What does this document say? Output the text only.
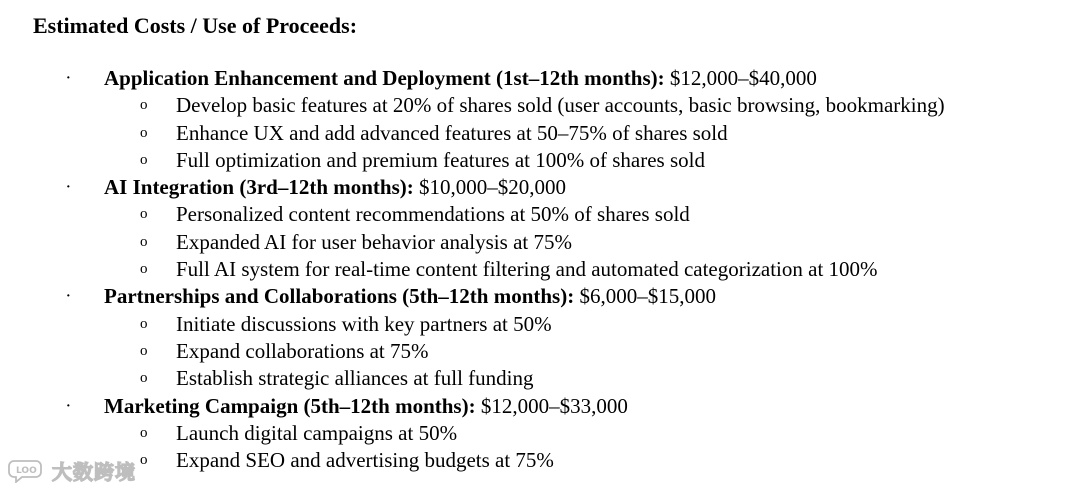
Estimated Costs / Use of Proceeds:
· Application Enhancement and Deployment (1st–12th months): $12,000–$40,000
o Develop basic features at 20% of shares sold (user accounts, basic browsing, bookmarking)
o Enhance UX and add advanced features at 50–75% of shares sold
o Full optimization and premium features at 100% of shares sold
· AI Integration (3rd–12th months): $10,000–$20,000
o Personalized content recommendations at 50% of shares sold
o Expanded AI for user behavior analysis at 75%
o Full AI system for real-time content filtering and automated categorization at 100%
· Partnerships and Collaborations (5th–12th months): $6,000–$15,000
o Initiate discussions with key partners at 50%
o Expand collaborations at 75%
o Establish strategic alliances at full funding
· Marketing Campaign (5th–12th months): $12,000–$33,000
o Launch digital campaigns at 50%
o Expand SEO and advertising budgets at 75%
LOO 大数跨境
